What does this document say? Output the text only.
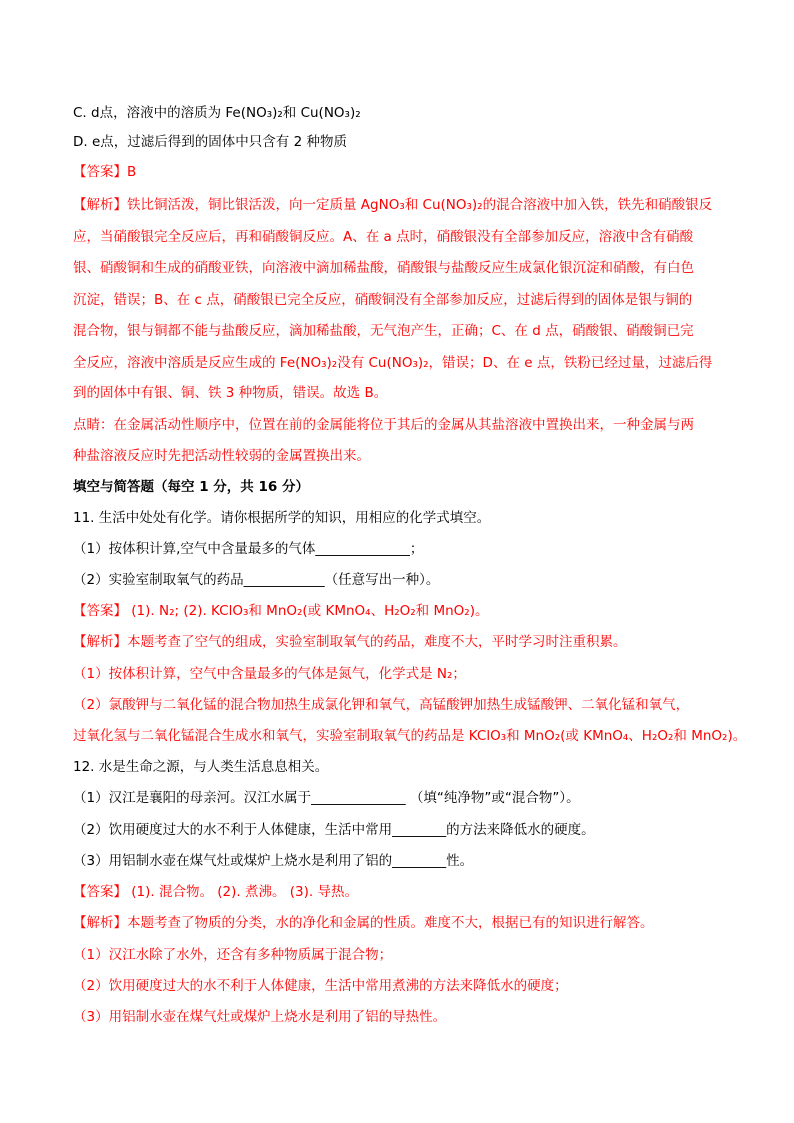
C. d点，溶液中的溶质为 Fe(NO₃)₂和 Cu(NO₃)₂
D. e点，过滤后得到的固体中只含有 2 种物质
【答案】B
【解析】铁比铜活泼，铜比银活泼，向一定质量 AgNO₃和 Cu(NO₃)₂的混合溶液中加入铁，铁先和硝酸银反
应，当硝酸银完全反应后，再和硝酸铜反应。A、在 a 点时，硝酸银没有全部参加反应，溶液中含有硝酸
银、硝酸铜和生成的硝酸亚铁，向溶液中滴加稀盐酸，硝酸银与盐酸反应生成氯化银沉淀和硝酸，有白色
沉淀，错误；B、在 c 点，硝酸银已完全反应，硝酸铜没有全部参加反应，过滤后得到的固体是银与铜的
混合物，银与铜都不能与盐酸反应，滴加稀盐酸，无气泡产生，正确；C、在 d 点，硝酸银、硝酸铜已完
全反应，溶液中溶质是反应生成的 Fe(NO₃)₂没有 Cu(NO₃)₂，错误；D、在 e 点，铁粉已经过量，过滤后得
到的固体中有银、铜、铁 3 种物质，错误。故选 B。
点睛：在金属活动性顺序中，位置在前的金属能将位于其后的金属从其盐溶液中置换出来，一种金属与两
种盐溶液反应时先把活动性较弱的金属置换出来。
填空与简答题（每空 1 分，共 16 分）
11. 生活中处处有化学。请你根据所学的知识，用相应的化学式填空。
（1）按体积计算,空气中含量最多的气体______________；
（2）实验室制取氧气的药品____________（任意写出一种）。
【答案】 (1). N₂; (2). KClO₃和 MnO₂(或 KMnO₄、H₂O₂和 MnO₂)。
【解析】本题考查了空气的组成，实验室制取氧气的药品，难度不大，平时学习时注重积累。
（1）按体积计算，空气中含量最多的气体是氮气，化学式是 N₂；
（2）氯酸钾与二氧化锰的混合物加热生成氯化钾和氧气，高锰酸钾加热生成锰酸钾、二氧化锰和氧气，
过氧化氢与二氧化锰混合生成水和氧气，实验室制取氧气的药品是 KClO₃和 MnO₂(或 KMnO₄、H₂O₂和 MnO₂)。
12. 水是生命之源，与人类生活息息相关。
（1）汉江是襄阳的母亲河。汉江水属于______________ （填“纯净物”或“混合物”）。
（2）饮用硬度过大的水不利于人体健康，生活中常用________的方法来降低水的硬度。
（3）用铝制水壶在煤气灶或煤炉上烧水是利用了铝的________性。
【答案】 (1). 混合物。 (2). 煮沸。 (3). 导热。
【解析】本题考查了物质的分类，水的净化和金属的性质。难度不大，根据已有的知识进行解答。
（1）汉江水除了水外，还含有多种物质属于混合物；
（2）饮用硬度过大的水不利于人体健康，生活中常用煮沸的方法来降低水的硬度；
（3）用铝制水壶在煤气灶或煤炉上烧水是利用了铝的导热性。
